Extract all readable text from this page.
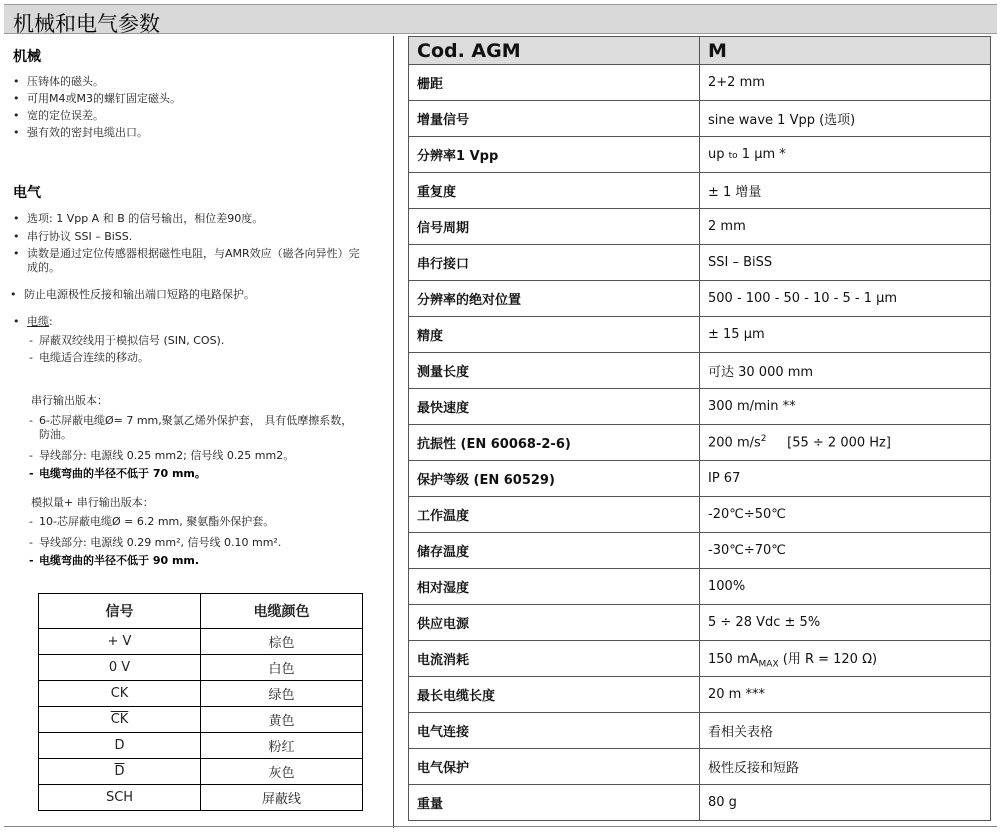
机械和电气参数
机械
• 压铸体的磁头。
• 可用M4或M3的螺钉固定磁头。
• 宽的定位误差。
• 强有效的密封电缆出口。
电气
• 选项: 1 Vpp A 和 B 的信号输出，相位差90度。
• 串行协议 SSI – BiSS.
• 读数是通过定位传感器根据磁性电阻，与AMR效应（磁各向异性）完成的。
• 防止电源极性反接和输出端口短路的电路保护。
• 电缆:
- 屏蔽双绞线用于模拟信号 (SIN, COS).
- 电缆适合连续的移动。
串行输出版本：
- 6-芯屏蔽电缆Ø= 7 mm,聚氯乙烯外保护套， 具有低摩擦系数，防油。
- 导线部分: 电源线 0.25 mm2; 信号线 0.25 mm2。
- 电缆弯曲的半径不低于 70 mm。
模拟量+ 串行输出版本：
- 10-芯屏蔽电缆Ø = 6.2 mm, 聚氨酯外保护套。
- 导线部分: 电源线 0.29 mm², 信号线 0.10 mm².
- 电缆弯曲的半径不低于 90 mm.
信号	电缆颜色
+ V	棕色
0 V	白色
CK	绿色
$\overline{CK}$	黄色
D	粉红
$\overline{D}$	灰色
SCH	屏蔽线
Cod. AGM	M
栅距	2+2 mm
增量信号	sine wave 1 Vpp (选项)
分辨率1 Vpp	up to 1 µm *
重复度	± 1 增量
信号周期	2 mm
串行接口	SSI – BiSS
分辨率的绝对位置	500 - 100 - 50 - 10 - 5 - 1 µm
精度	± 15 µm
测量长度	可达 30 000 mm
最快速度	300 m/min **
抗振性 (EN 60068-2-6)	200 $m/s^2$     [55 ÷ 2 000 Hz]
保护等级 (EN 60529)	IP 67
工作温度	-20℃÷50℃
储存温度	-30℃÷70℃
相对湿度	100%
供应电源	5 ÷ 28 Vdc ± 5%
电流消耗	150 $mA_{MAX}$ (用 R = 120 Ω)
最长电缆长度	20 m ***
电气连接	看相关表格
电气保护	极性反接和短路
重量	80 g
